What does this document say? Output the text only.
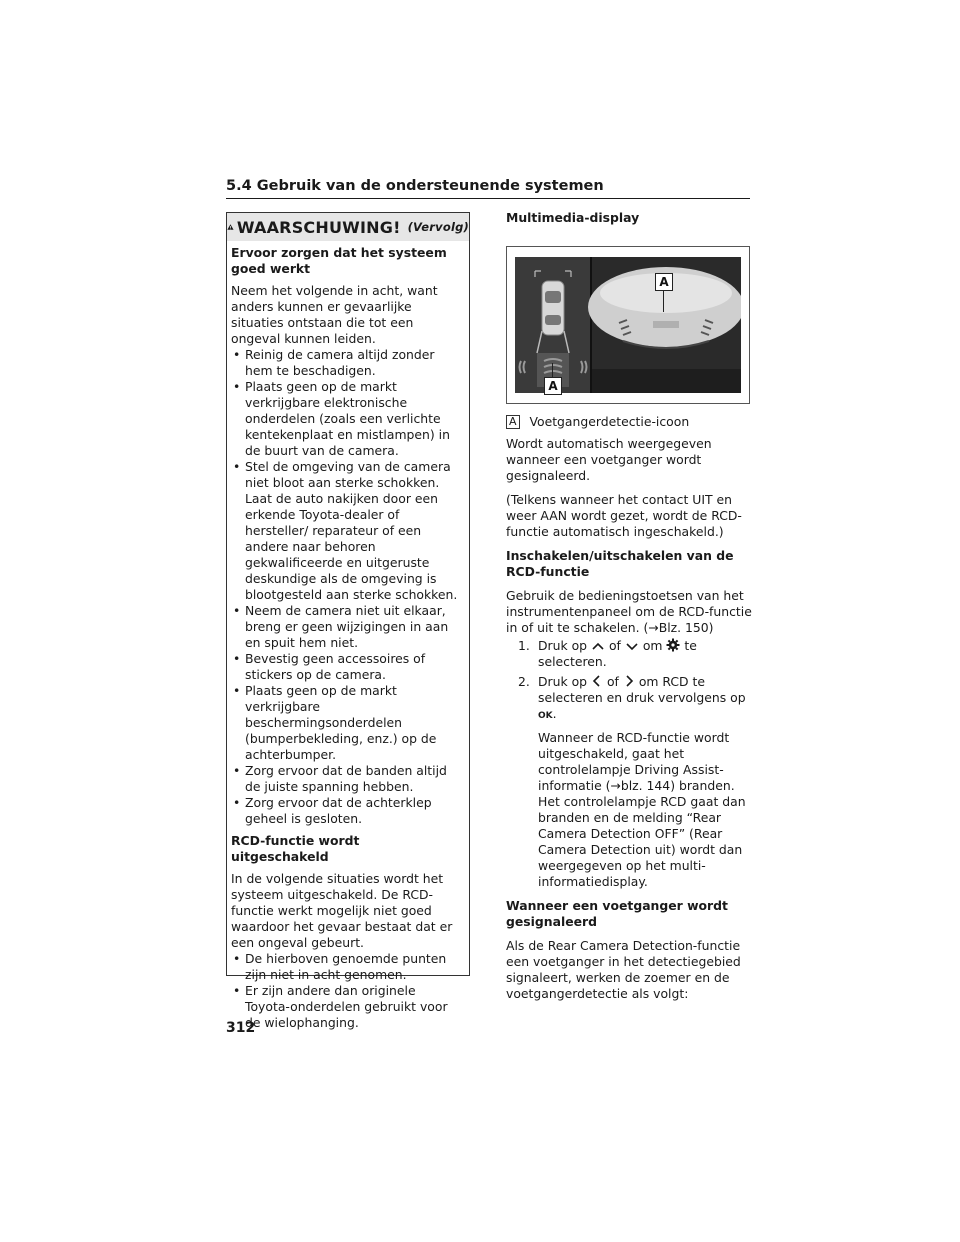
5.4 Gebruik van de ondersteunende systemen
WAARSCHUWING! (Vervolg)
Ervoor zorgen dat het systeem goed werkt

Neem het volgende in acht, want anders kunnen er gevaarlijke situaties ontstaan die tot een ongeval kunnen leiden.

• Reinig de camera altijd zonder hem te beschadigen.
• Plaats geen op de markt verkrijgbare elektronische onderdelen (zoals een verlichte kentekenplaat en mistlampen) in de buurt van de camera.
• Stel de omgeving van de camera niet bloot aan sterke schokken. Laat de auto nakijken door een erkende Toyota-dealer of hersteller/ reparateur of een andere naar behoren gekwalificeerde en uitgeruste deskundige als de omgeving is blootgesteld aan sterke schokken.
• Neem de camera niet uit elkaar, breng er geen wijzigingen in aan en spuit hem niet.
• Bevestig geen accessoires of stickers op de camera.
• Plaats geen op de markt verkrijgbare beschermingsonderdelen (bumperbekleding, enz.) op de achterbumper.
• Zorg ervoor dat de banden altijd de juiste spanning hebben.
• Zorg ervoor dat de achterklep geheel is gesloten.
RCD-functie wordt uitgeschakeld

In de volgende situaties wordt het systeem uitgeschakeld. De RCD-functie werkt mogelijk niet goed waardoor het gevaar bestaat dat er een ongeval gebeurt.

• De hierboven genoemde punten zijn niet in acht genomen.
• Er zijn andere dan originele Toyota-onderdelen gebruikt voor de wielophanging.
Multimedia-display
A
A

A Voetgangerdetectie-icoon

Wordt automatisch weergegeven wanneer een voetganger wordt gesignaleerd.

(Telkens wanneer het contact UIT en weer AAN wordt gezet, wordt de RCD-functie automatisch ingeschakeld.)

Inschakelen/uitschakelen van de RCD-functie

Gebruik de bedieningstoetsen van het instrumentenpaneel om de RCD-functie in of uit te schakelen. (→Blz. 150)

1. Druk op of om te selecteren.
2. Druk op of om RCD te selecteren en druk vervolgens op OK.

Wanneer de RCD-functie wordt uitgeschakeld, gaat het controlelampje Driving Assist-informatie (→blz. 144) branden. Het controlelampje RCD gaat dan branden en de melding “Rear Camera Detection OFF” (Rear Camera Detection uit) wordt dan weergegeven op het multi-informatiedisplay.

Wanneer een voetganger wordt gesignaleerd

Als de Rear Camera Detection-functie een voetganger in het detectiegebied signaleert, werken de zoemer en de voetgangerdetectie als volgt:

312
